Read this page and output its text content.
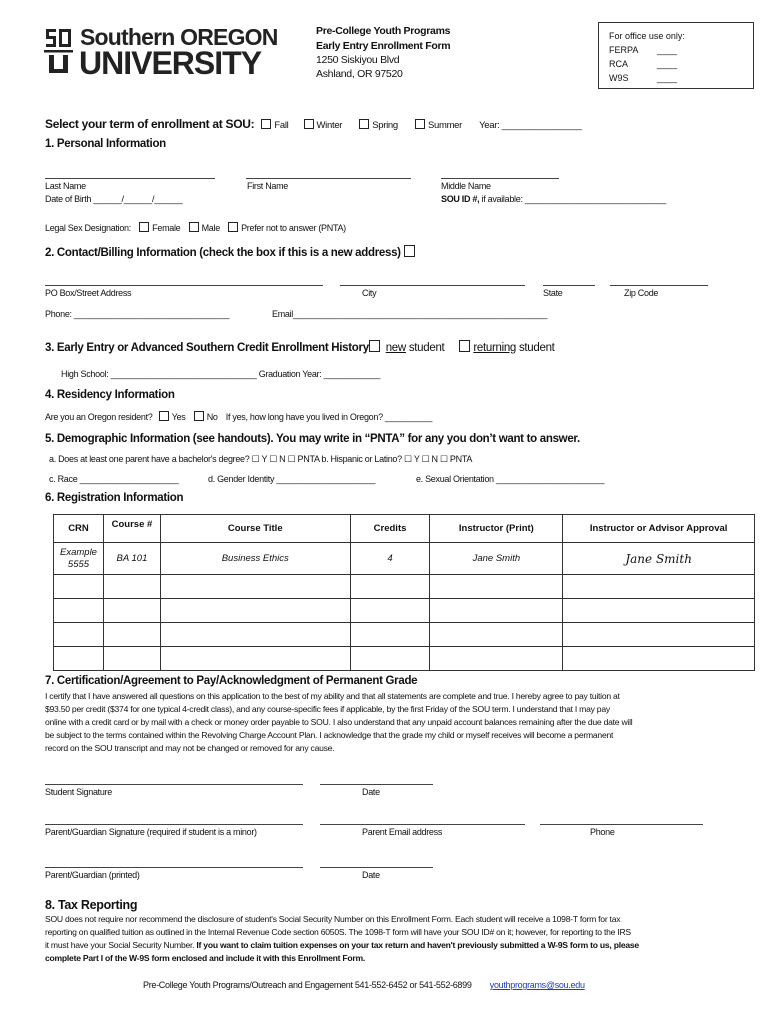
Southern OREGON
UNIVERSITY
Pre-College Youth Programs
Early Entry Enrollment Form
1250 Siskiyou Blvd
Ashland, OR 97520
For office use only:
FERPA ____
RCA	____
W9S	____
Select your term of enrollment at SOU: Fall	Winter	Spring	Summer Year: ________________
1. Personal Information
Last Name	First Name	Middle Name
Date of Birth ______/______/______	SOU ID #, if available: ______________________________
Legal Sex Designation: Female Male Prefer not to answer (PNTA)
2. Contact/Billing Information (check the box if this is a new address)
PO Box/Street Address	City	State	Zip Code
Phone: _________________________________	Email______________________________________________________
3. Early Entry or Advanced Southern Credit Enrollment History new student	returning student
High School: _______________________________ Graduation Year: ____________
4. Residency Information
Are you an Oregon resident? Yes No If yes, how long have you lived in Oregon? __________
5. Demographic Information (see handouts). You may write in “PNTA” for any you don’t want to answer.
a. Does at least one parent have a bachelor's degree? ☐ Y ☐ N ☐ PNTA b. Hispanic or Latino? ☐ Y ☐ N ☐ PNTA
c. Race _____________________	d. Gender Identity _____________________	e. Sexual Orientation _______________________
6. Registration Information
CRN	Course #	Course Title	Credits	Instructor (Print)	Instructor or Advisor Approval
Example 5555	BA 101	Business Ethics	4	Jane Smith	Jane Smith

7. Certification/Agreement to Pay/Acknowledgment of Permanent Grade
I certify that I have answered all questions on this application to the best of my ability and that all statements are complete and true. I hereby agree to pay tuition at
$93.50 per credit ($374 for one typical 4-credit class), and any course-specific fees if applicable, by the first Friday of the SOU term. I understand that I may pay
online with a credit card or by mail with a check or money order payable to SOU. I also understand that any unpaid account balances remaining after the due date will
be subject to the terms contained within the Revolving Charge Account Plan. I acknowledge that the grade my child or myself receives will become a permanent
record on the SOU transcript and may not be changed or removed for any cause.
Student Signature	Date
Parent/Guardian Signature (required if student is a minor)	Parent Email address	Phone
Parent/Guardian (printed)	Date
8. Tax Reporting
SOU does not require nor recommend the disclosure of student's Social Security Number on this Enrollment Form. Each student will receive a 1098-T form for tax
reporting on qualified tuition as outlined in the Internal Revenue Code section 6050S. The 1098-T form will have your SOU ID# on it; however, for reporting to the IRS
it must have your Social Security Number. If you want to claim tuition expenses on your tax return and haven't previously submitted a W-9S form to us, please
complete Part I of the W-9S form enclosed and include it with this Enrollment Form.
Pre-College Youth Programs/Outreach and Engagement 541-552-6452 or 541-552-6899 youthprograms@sou.edu
